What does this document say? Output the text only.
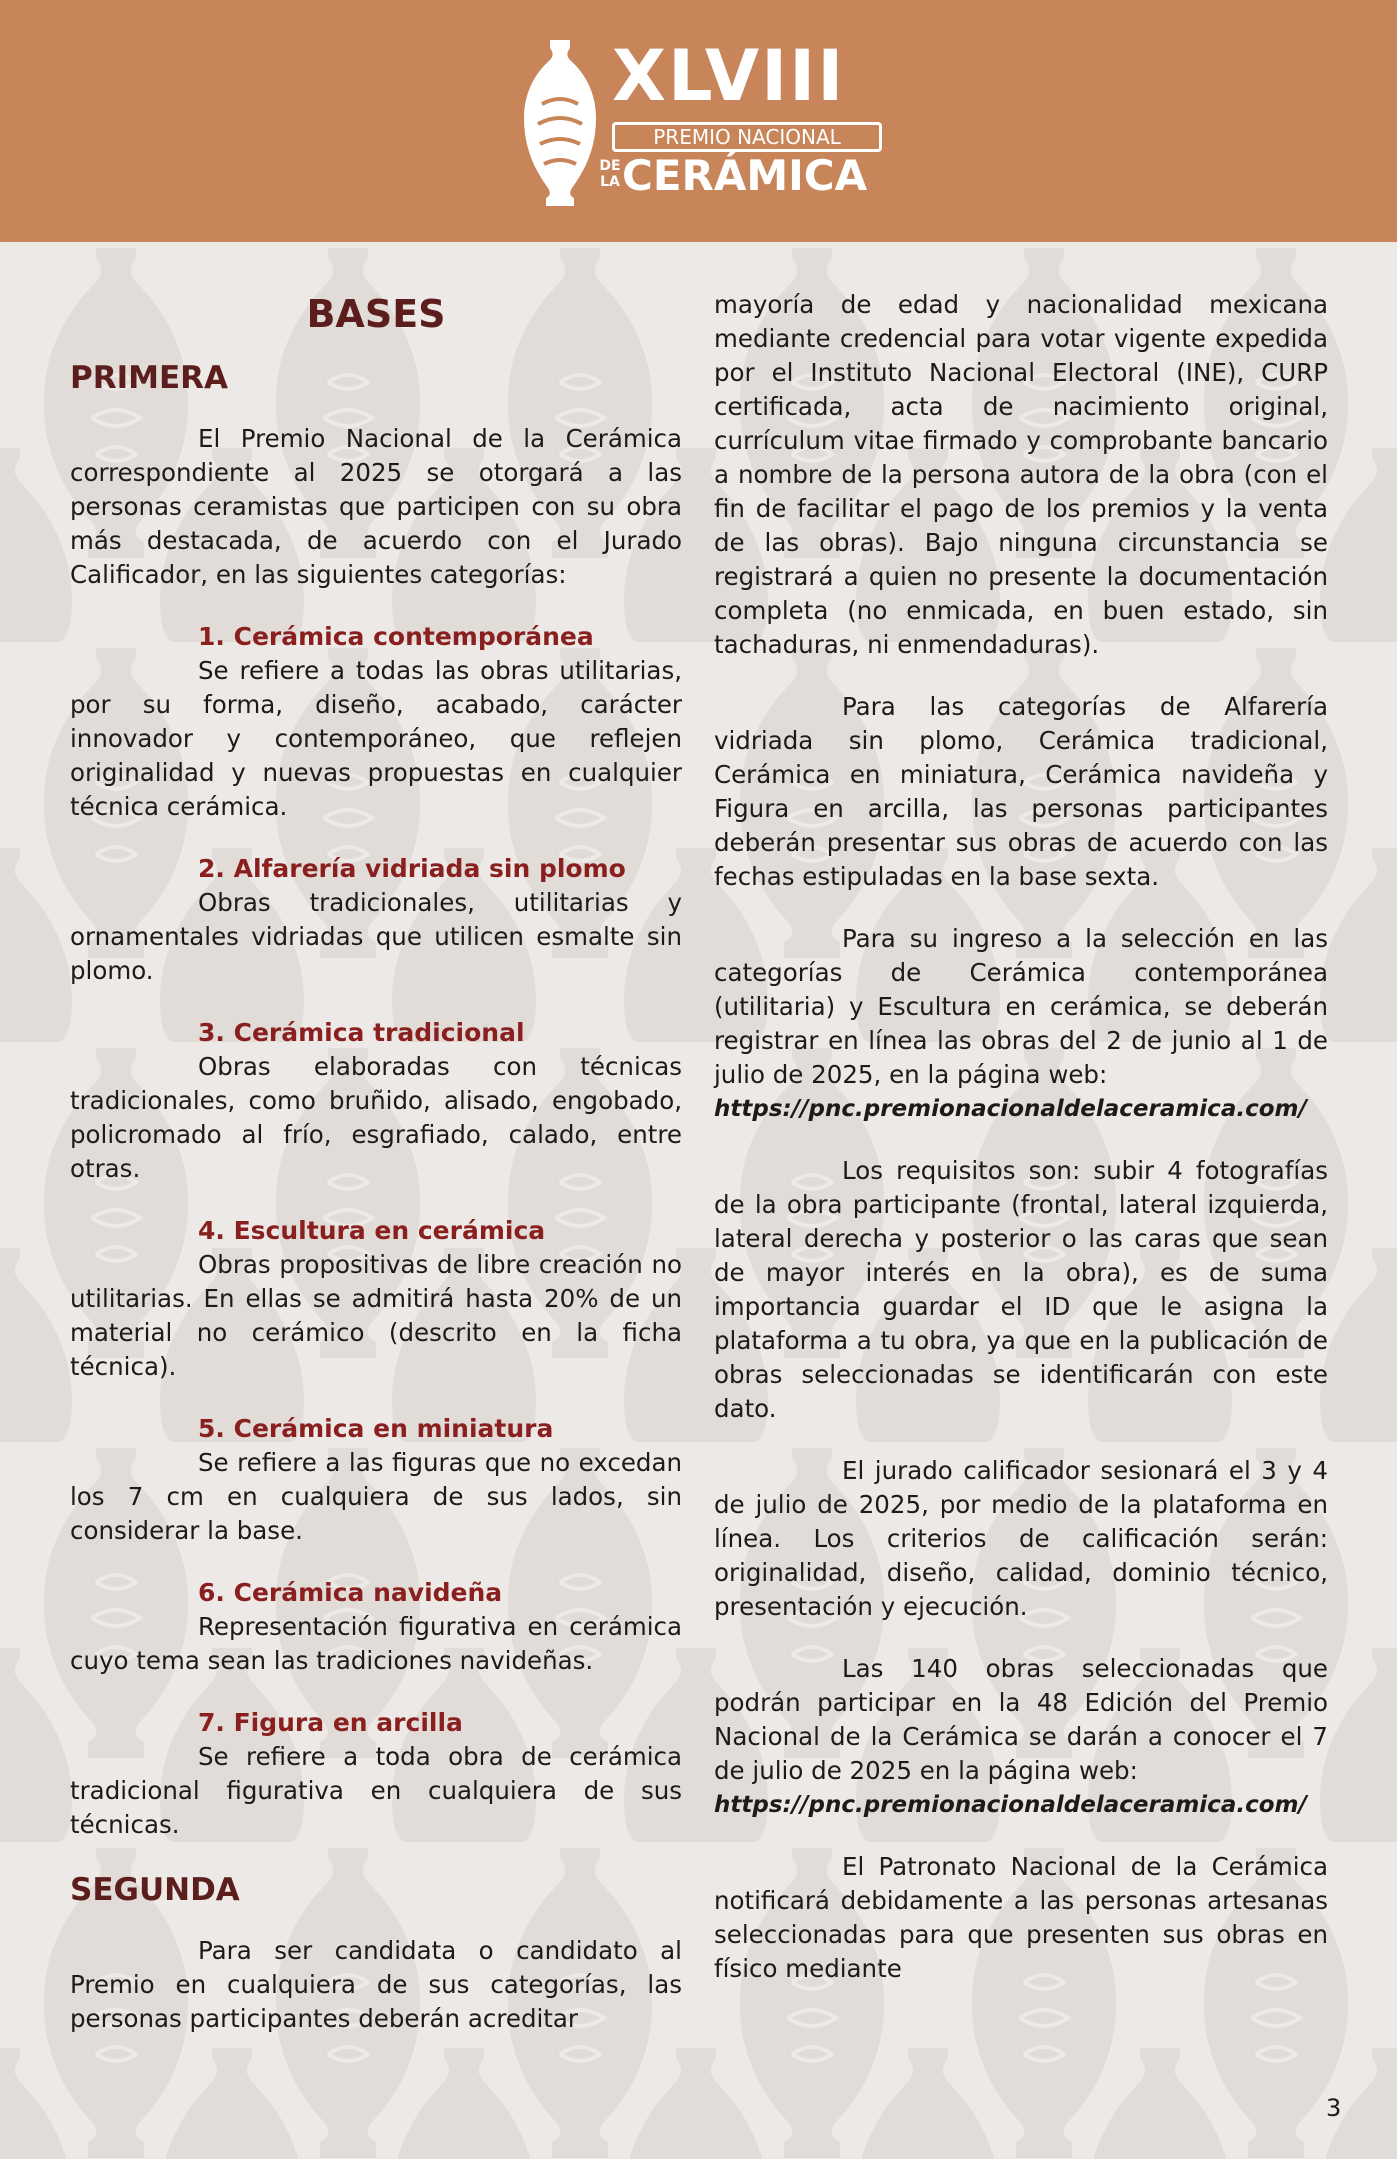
XLVIII
PREMIO NACIONAL
DE LA CERÁMICA
BASES
PRIMERA

El Premio Nacional de la Cerámica correspondiente al 2025 se otorgará a las personas ceramistas que participen con su obra más destacada, de acuerdo con el Jurado Calificador, en las siguientes categorías:

1. Cerámica contemporánea

Se refiere a todas las obras utilitarias, por su forma, diseño, acabado, carácter innovador y contemporáneo, que reflejen originalidad y nuevas propuestas en cualquier técnica cerámica.

2. Alfarería vidriada sin plomo

Obras tradicionales, utilitarias y ornamentales vidriadas que utilicen esmalte sin plomo.

3. Cerámica tradicional

Obras elaboradas con técnicas tradicionales, como bruñido, alisado, engobado, policromado al frío, esgrafiado, calado, entre otras.

4. Escultura en cerámica

Obras propositivas de libre creación no utilitarias. En ellas se admitirá hasta 20% de un material no cerámico (descrito en la ficha técnica).

5. Cerámica en miniatura

Se refiere a las figuras que no excedan los 7 cm en cualquiera de sus lados, sin considerar la base.

6. Cerámica navideña

Representación figurativa en cerámica cuyo tema sean las tradiciones navideñas.

7. Figura en arcilla

Se refiere a toda obra de cerámica tradicional figurativa en cualquiera de sus técnicas.

SEGUNDA

Para ser candidata o candidato al Premio en cualquiera de sus categorías, las personas participantes deberán acreditar

mayoría de edad y nacionalidad mexicana mediante credencial para votar vigente expedida por el Instituto Nacional Electoral (INE), CURP certificada, acta de nacimiento original, currículum vitae firmado y comprobante bancario a nombre de la persona autora de la obra (con el fin de facilitar el pago de los premios y la venta de las obras). Bajo ninguna circunstancia se registrará a quien no presente la documentación completa (no enmicada, en buen estado, sin tachaduras, ni enmendaduras).

Para las categorías de Alfarería vidriada sin plomo, Cerámica tradicional, Cerámica en miniatura, Cerámica navideña y Figura en arcilla, las personas participantes deberán presentar sus obras de acuerdo con las fechas estipuladas en la base sexta.

Para su ingreso a la selección en las categorías de Cerámica contemporánea (utilitaria) y Escultura en cerámica, se deberán registrar en línea las obras del 2 de junio al 1 de julio de 2025, en la página web:

https://pnc.premionacionaldelaceramica.com/

Los requisitos son: subir 4 fotografías de la obra participante (frontal, lateral izquierda, lateral derecha y posterior o las caras que sean de mayor interés en la obra), es de suma importancia guardar el ID que le asigna la plataforma a tu obra, ya que en la publicación de obras seleccionadas se identificarán con este dato.

El jurado calificador sesionará el 3 y 4 de julio de 2025, por medio de la plataforma en línea. Los criterios de calificación serán: originalidad, diseño, calidad, dominio técnico, presentación y ejecución.

Las 140 obras seleccionadas que podrán participar en la 48 Edición del Premio Nacional de la Cerámica se darán a conocer el 7 de julio de 2025 en la página web:

https://pnc.premionacionaldelaceramica.com/

El Patronato Nacional de la Cerámica notificará debidamente a las personas artesanas seleccionadas para que presenten sus obras en físico mediante

3
